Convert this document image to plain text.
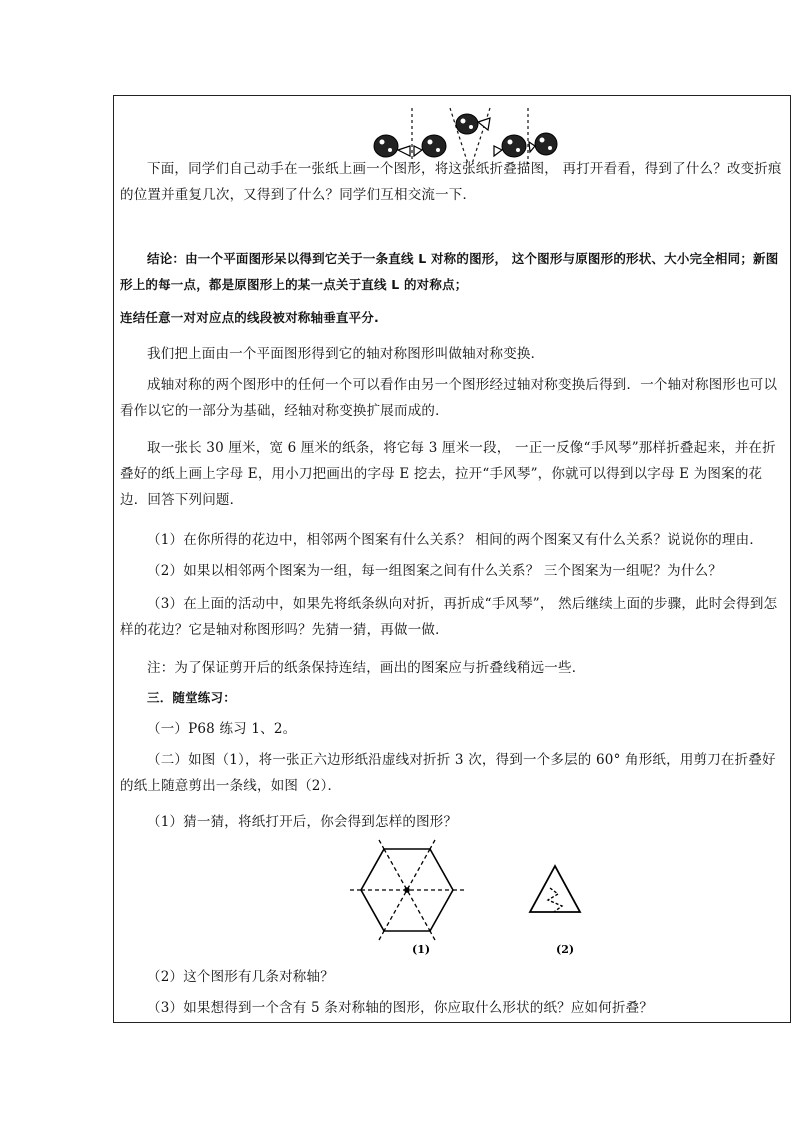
下面，同学们自己动手在一张纸上画一个图形，将这张纸折叠描图， 再打开看看，得到了什么？改变折痕的位置并重复几次，又得到了什么？同学们互相交流一下．

结论：由一个平面图形呆以得到它关于一条直线 L 对称的图形， 这个图形与原图形的形状、大小完全相同；新图形上的每一点，都是原图形上的某一点关于直线 L 的对称点；

连结任意一对对应点的线段被对称轴垂直平分.

我们把上面由一个平面图形得到它的轴对称图形叫做轴对称变换．

成轴对称的两个图形中的任何一个可以看作由另一个图形经过轴对称变换后得到．一个轴对称图形也可以看作以它的一部分为基础，经轴对称变换扩展而成的．

取一张长 30 厘米，宽 6 厘米的纸条，将它每 3 厘米一段， 一正一反像“手风琴”那样折叠起来，并在折叠好的纸上画上字母 E，用小刀把画出的字母 E 挖去，拉开“手风琴”，你就可以得到以字母 E 为图案的花边．回答下列问题．

（1）在你所得的花边中，相邻两个图案有什么关系？ 相间的两个图案又有什么关系？说说你的理由．

（2）如果以相邻两个图案为一组，每一组图案之间有什么关系？ 三个图案为一组呢？为什么？

（3）在上面的活动中，如果先将纸条纵向对折，再折成“手风琴”， 然后继续上面的步骤，此时会得到怎样的花边？它是轴对称图形吗？先猜一猜，再做一做．

注：为了保证剪开后的纸条保持连结，画出的图案应与折叠线稍远一些．

三．随堂练习：

（一）P68 练习 1、2。

（二）如图（1），将一张正六边形纸沿虚线对折折 3 次，得到一个多层的 60° 角形纸，用剪刀在折叠好的纸上随意剪出一条线，如图（2）．

（1）猜一猜，将纸打开后，你会得到怎样的图形？

(1)	(2)

（2）这个图形有几条对称轴？

（3）如果想得到一个含有 5 条对称轴的图形，你应取什么形状的纸？应如何折叠？
